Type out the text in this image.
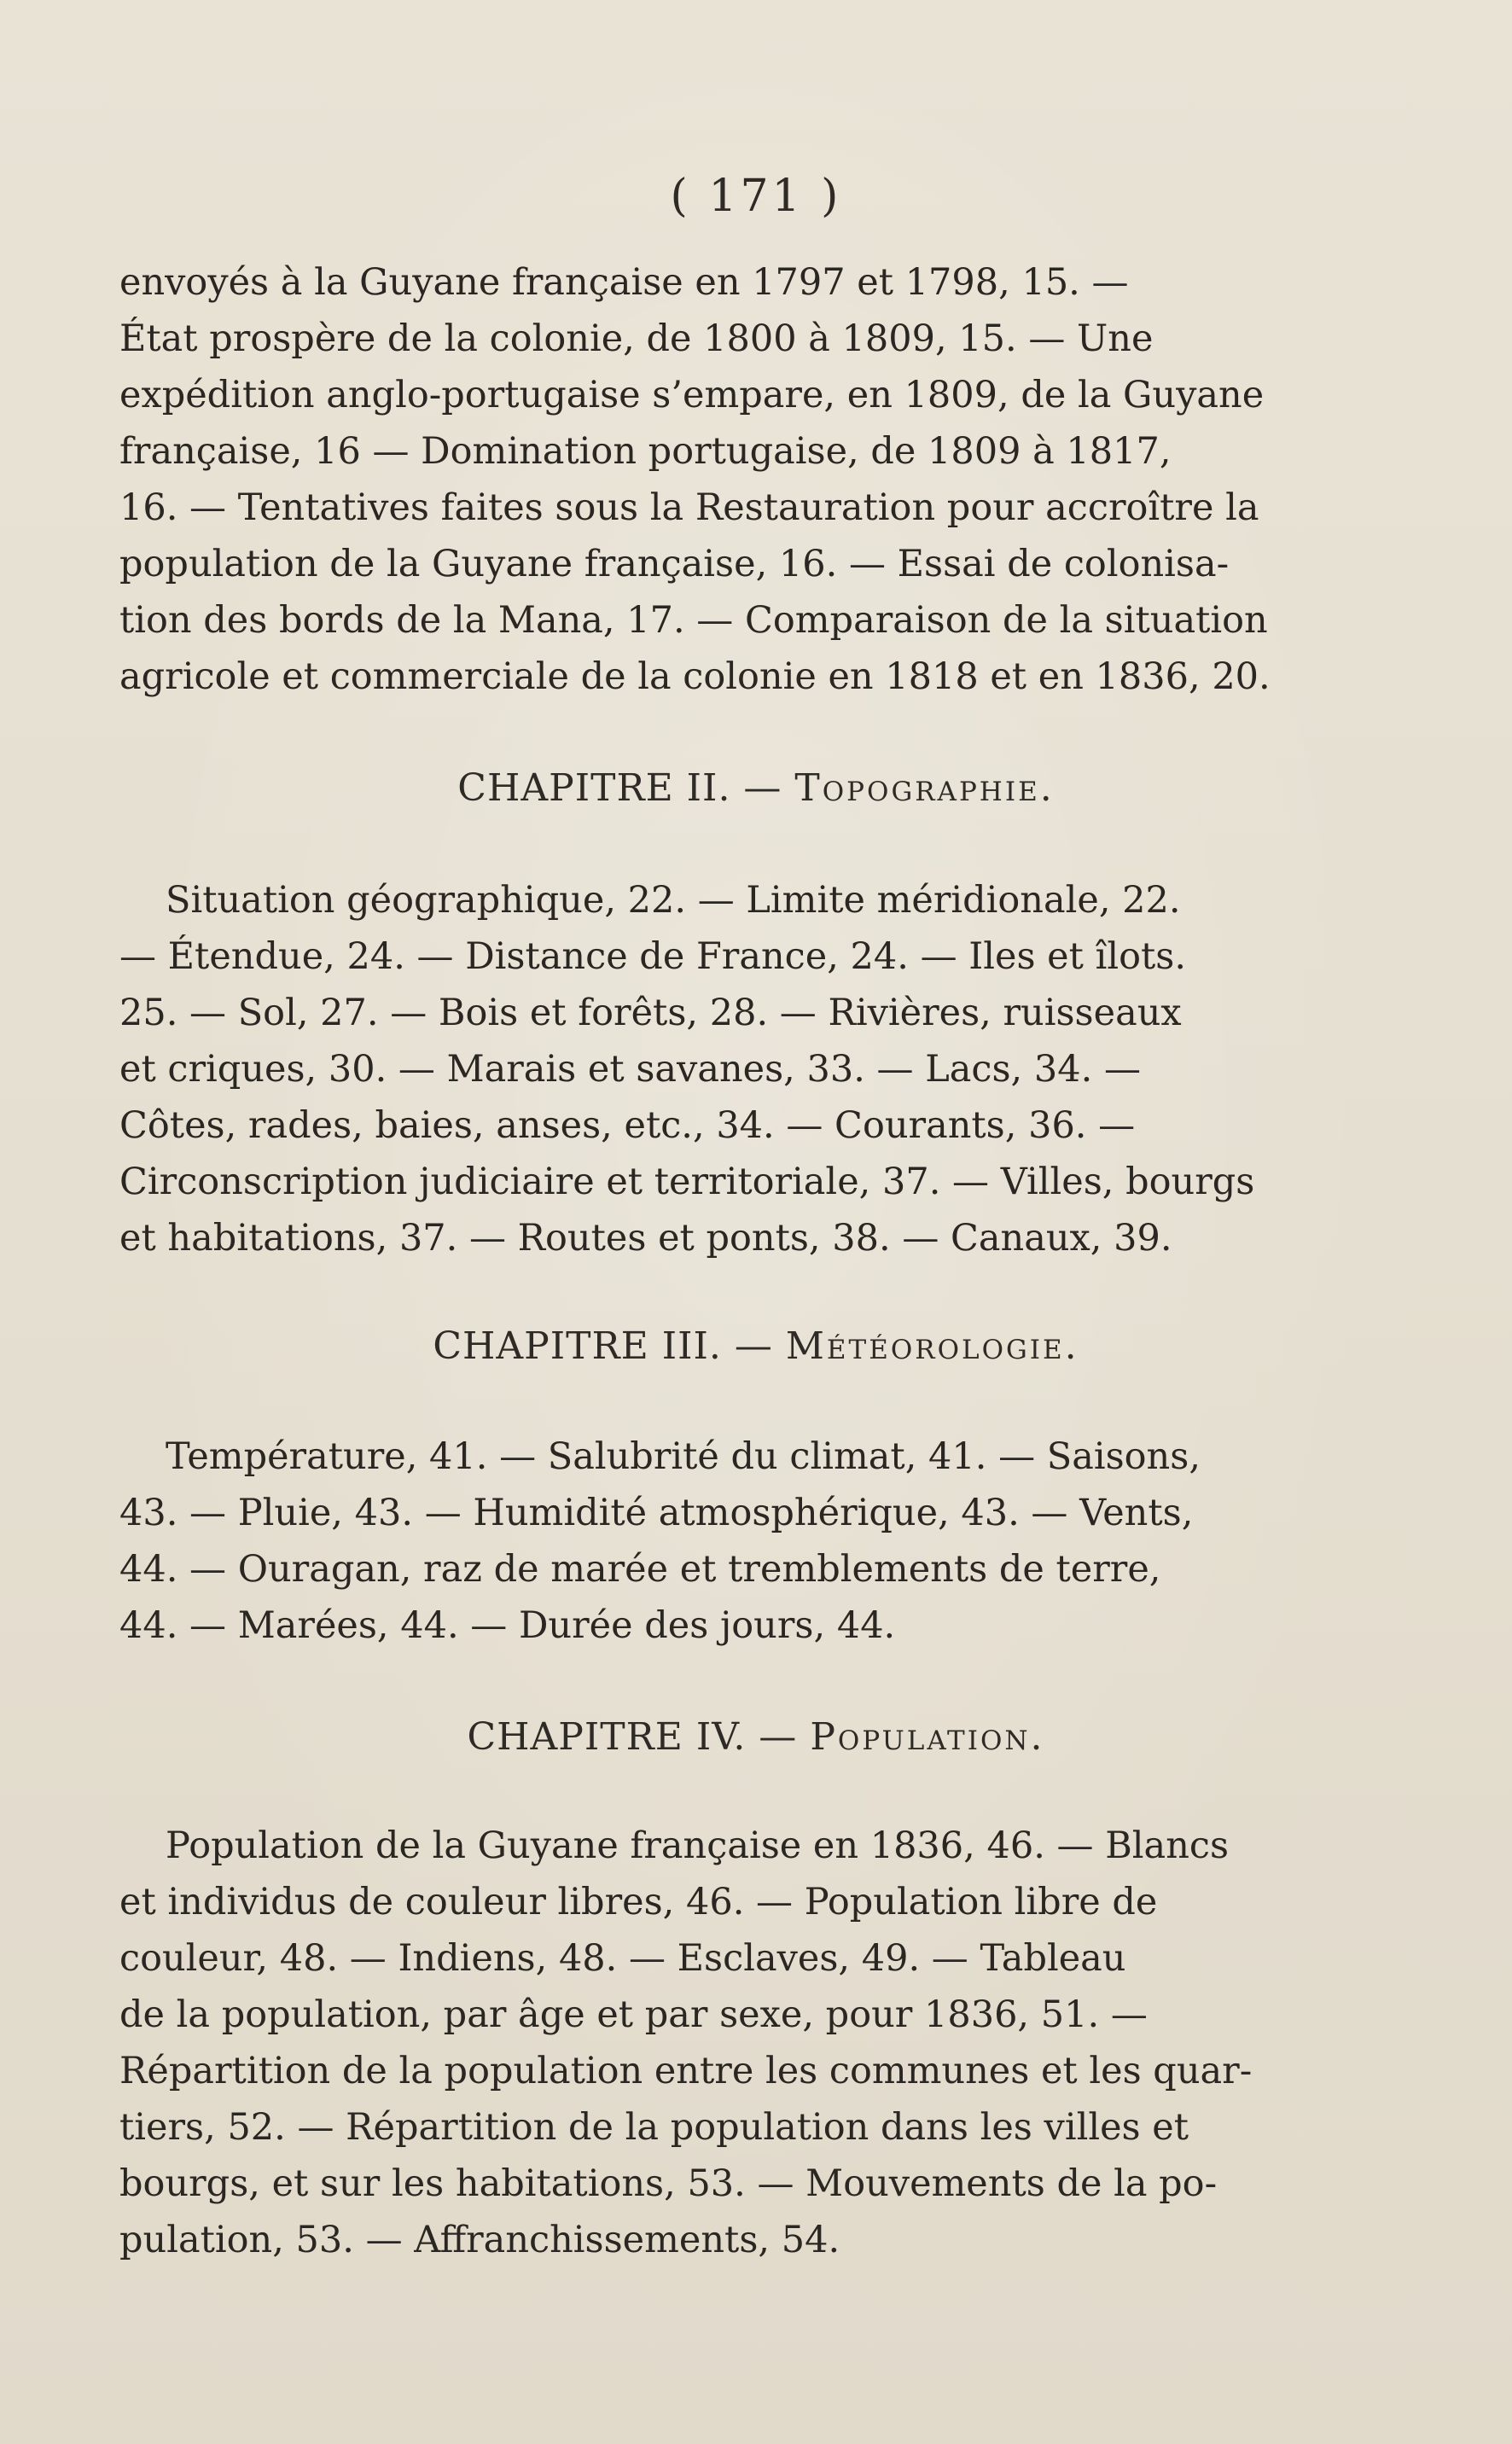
( 171 )
envoyés à la Guyane française en 1797 et 1798, 15. —
État prospère de la colonie, de 1800 à 1809, 15. — Une
expédition anglo-portugaise s’empare, en 1809, de la Guyane
française, 16 — Domination portugaise, de 1809 à 1817,
16. — Tentatives faites sous la Restauration pour accroître la
population de la Guyane française, 16. — Essai de colonisa-
tion des bords de la Mana, 17. — Comparaison de la situation
agricole et commerciale de la colonie en 1818 et en 1836, 20.
CHAPITRE II. — Topographie.
Situation géographique, 22. — Limite méridionale, 22.
— Étendue, 24. — Distance de France, 24. — Iles et îlots.
25. — Sol, 27. — Bois et forêts, 28. — Rivières, ruisseaux
et criques, 30. — Marais et savanes, 33. — Lacs, 34. —
Côtes, rades, baies, anses, etc., 34. — Courants, 36. —
Circonscription judiciaire et territoriale, 37. — Villes, bourgs
et habitations, 37. — Routes et ponts, 38. — Canaux, 39.
CHAPITRE III. — Météorologie.
Température, 41. — Salubrité du climat, 41. — Saisons,
43. — Pluie, 43. — Humidité atmosphérique, 43. — Vents,
44. — Ouragan, raz de marée et tremblements de terre,
44. — Marées, 44. — Durée des jours, 44.
CHAPITRE IV. — Population.
Population de la Guyane française en 1836, 46. — Blancs
et individus de couleur libres, 46. — Population libre de
couleur, 48. — Indiens, 48. — Esclaves, 49. — Tableau
de la population, par âge et par sexe, pour 1836, 51. —
Répartition de la population entre les communes et les quar-
tiers, 52. — Répartition de la population dans les villes et
bourgs, et sur les habitations, 53. — Mouvements de la po-
pulation, 53. — Affranchissements, 54.
